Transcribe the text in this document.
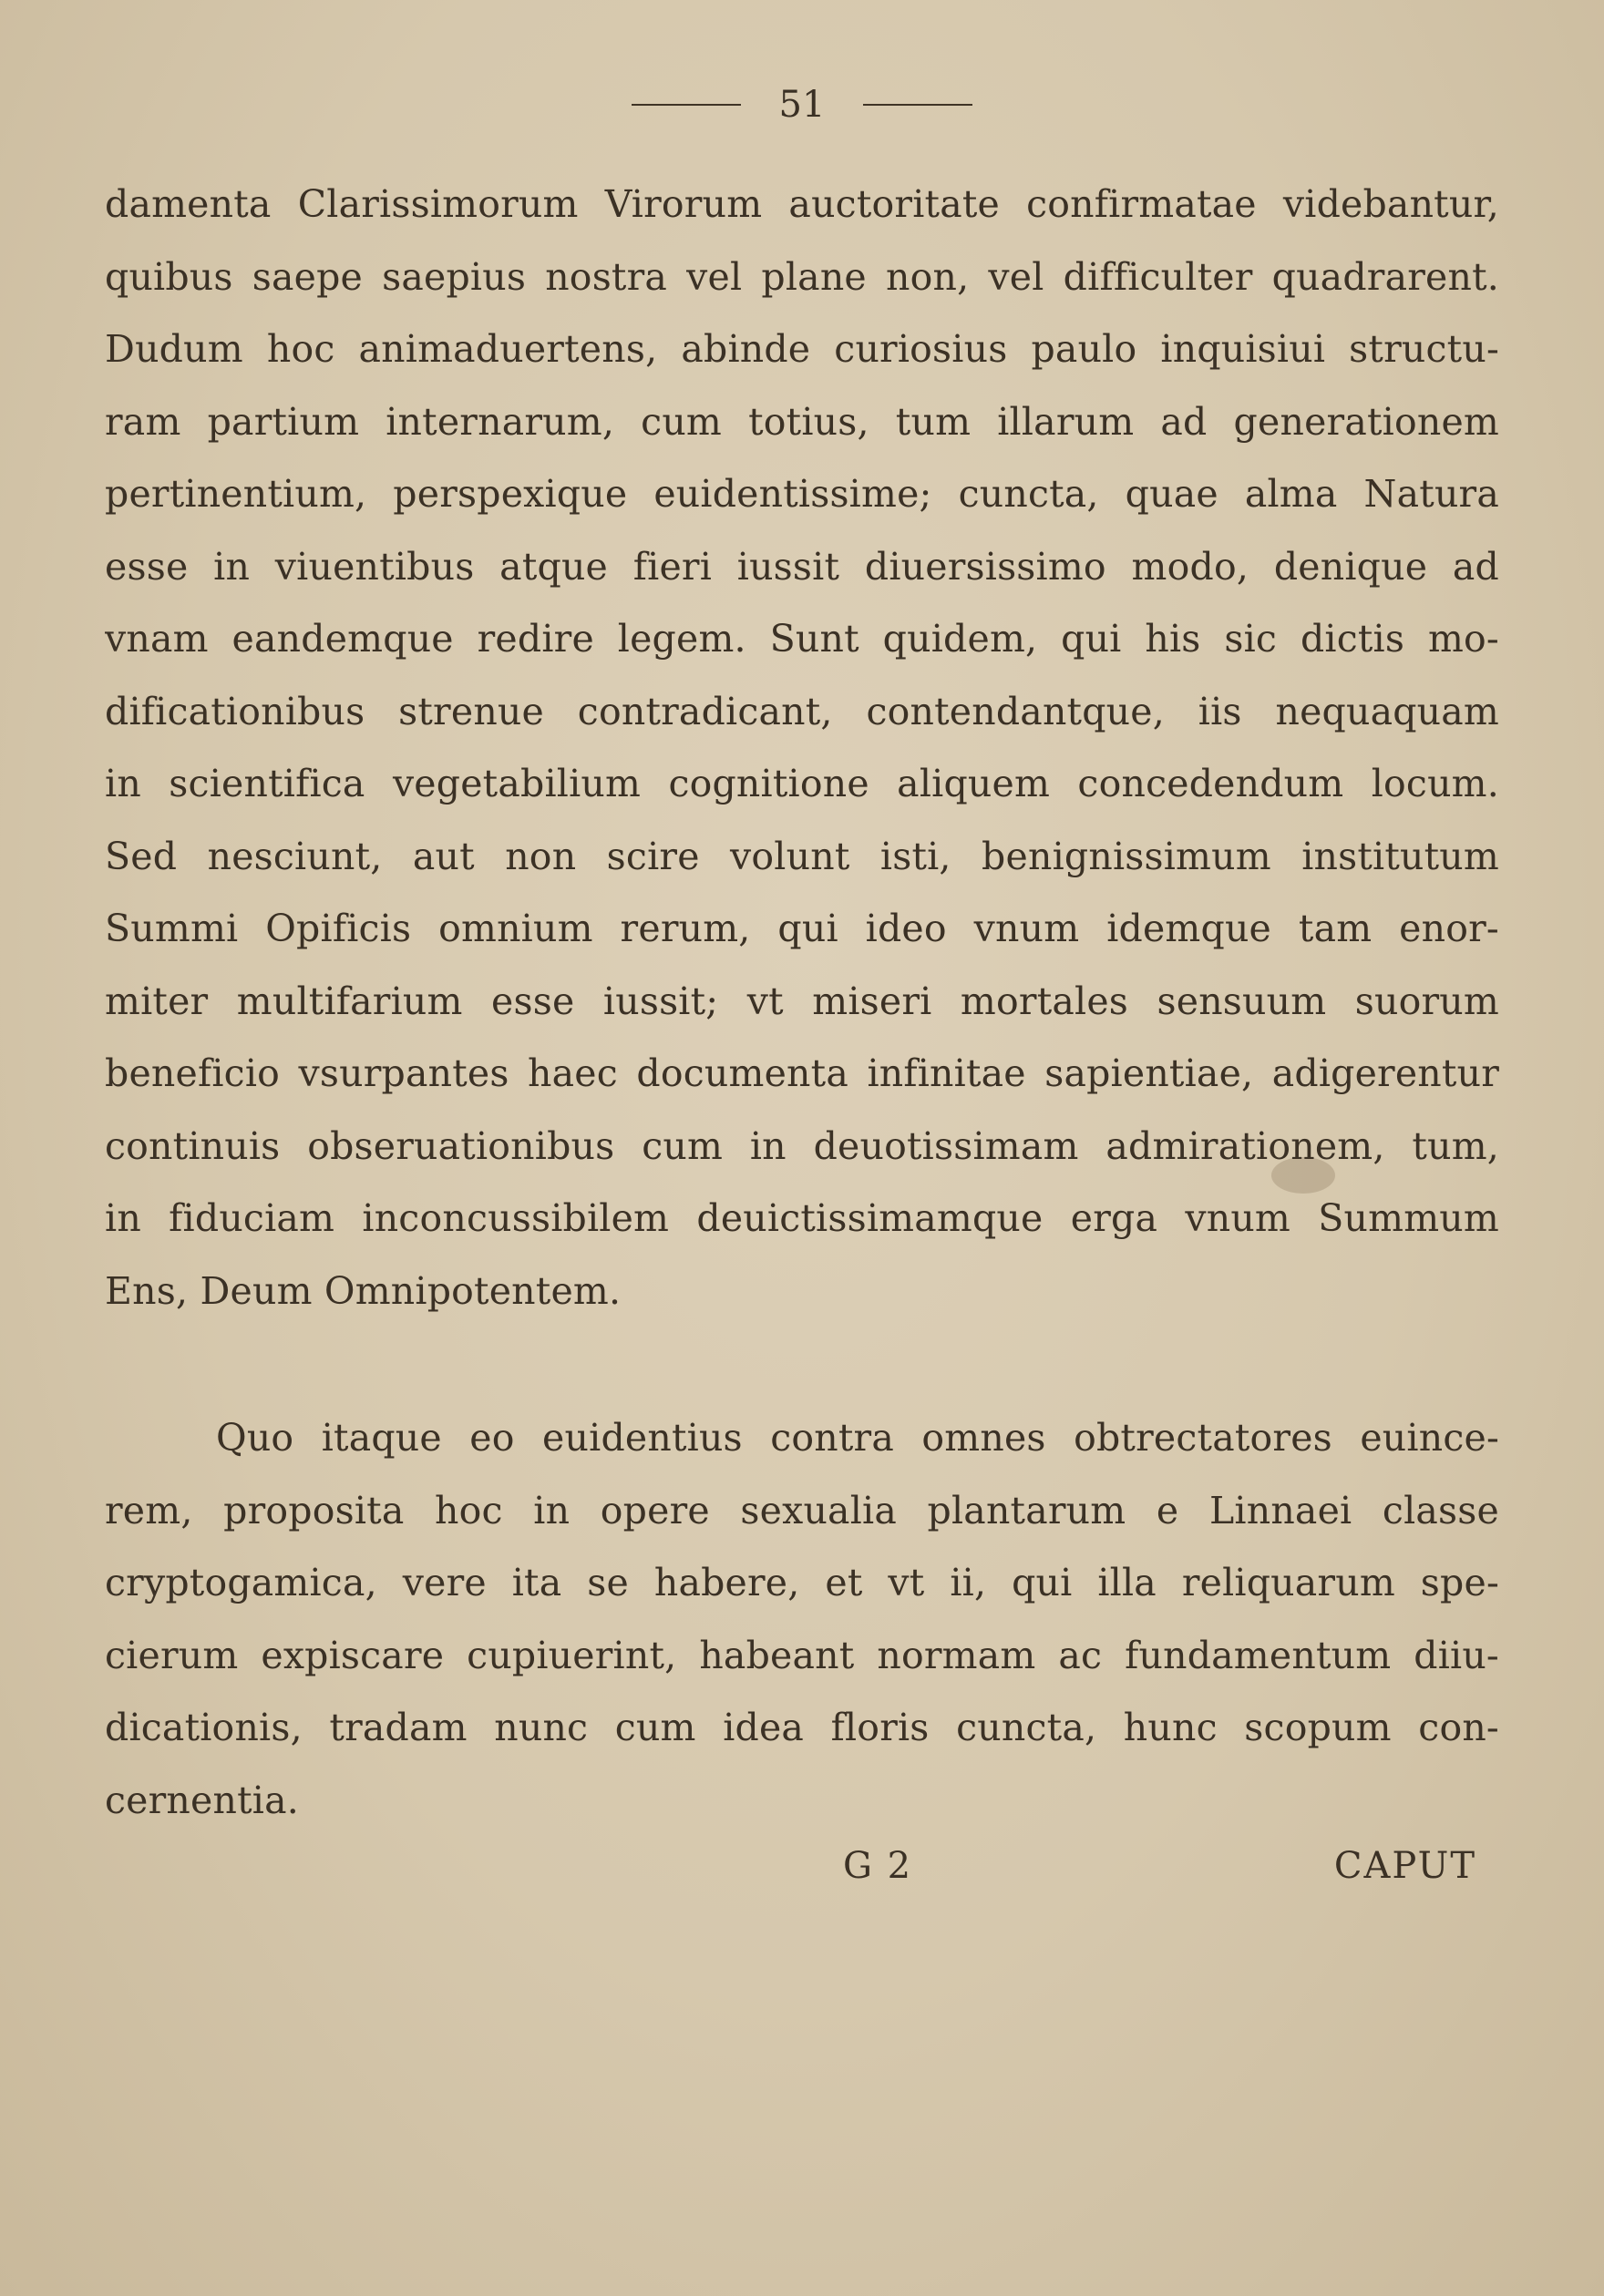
51
damenta Clarissimorum Virorum auctoritate confirmatae videbantur,
quibus saepe saepius nostra vel plane non, vel difficulter quadrarent.
Dudum hoc animaduertens, abinde curiosius paulo inquisiui structu-
ram partium internarum, cum totius, tum illarum ad generationem
pertinentium, perspexique euidentissime; cuncta, quae alma Natura
esse in viuentibus atque fieri iussit diuersissimo modo, denique ad
vnam eandemque redire legem. Sunt quidem, qui his sic dictis mo-
dificationibus strenue contradicant, contendantque, iis nequaquam
in scientifica vegetabilium cognitione aliquem concedendum locum.
Sed nesciunt, aut non scire volunt isti, benignissimum institutum
Summi Opificis omnium rerum, qui ideo vnum idemque tam enor-
miter multifarium esse iussit; vt miseri mortales sensuum suorum
beneficio vsurpantes haec documenta infinitae sapientiae, adigerentur
continuis obseruationibus cum in deuotissimam admirationem, tum,
in fiduciam inconcussibilem deuictissimamque erga vnum Summum
Ens, Deum Omnipotentem.
Quo itaque eo euidentius contra omnes obtrectatores euince-
rem, proposita hoc in opere sexualia plantarum e Linnaei classe
cryptogamica, vere ita se habere, et vt ii, qui illa reliquarum spe-
cierum expiscare cupiuerint, habeant normam ac fundamentum diiu-
dicationis, tradam nunc cum idea floris cuncta, hunc scopum con-
cernentia.
G 2	CAPUT
